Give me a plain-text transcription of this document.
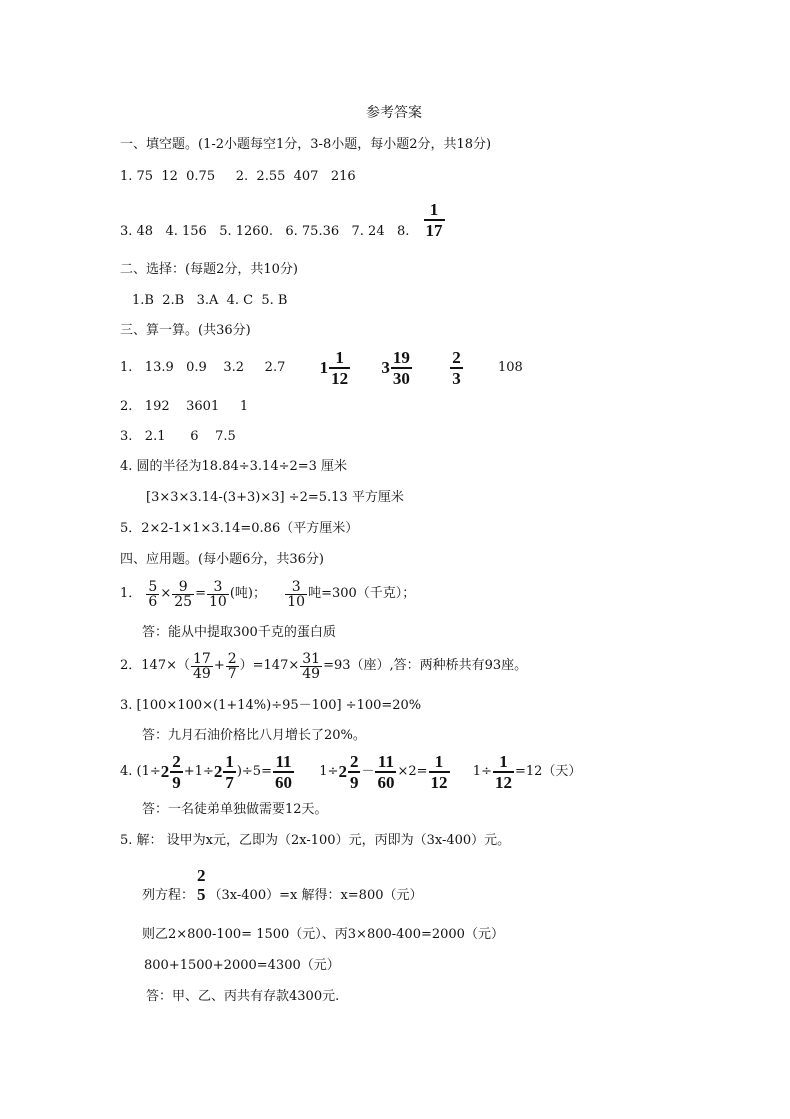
参考答案
一、填空题。(1-2小题每空1分，3-8小题，每小题2分，共18分)
1. 75  12  0.75     2.  2.55  407   216
3. 48   4. 156   5. 1260.   6. 75.36   7. 24   8. $\frac{1}{17}$
二、选择：(每题2分，共10分)
1.B  2.B   3.A  4. C  5. B
三、算一算。(共36分)
1.   13.9   0.9    3.2     2.7 $1 \frac{1}{12} 3 \frac{19}{30}$
$\frac{2}{3}$	108
2.   192    3601     1
3.   2.1      6    7.5
4. 圆的半径为18.84÷3.14÷2=3 厘米
[3×3×3.14-(3+3)×3] ÷2=5.13 平方厘米
5．2×2-1×1×3.14=0.86（平方厘米）
四、应用题。(每小题6分，共36分)
1． $\frac{5}{6} \times \frac{9}{25} = \frac{3}{10}$ (吨)； $\frac{3}{10}$ 吨=300（千克）；
答：能从中提取300千克的蛋白质
2．$147\times( \frac{17}{49} + \frac{2}{7} )=147\times \frac{31}{49} =93$（座）,答：两种桥共有93座。
3. [100×100×(1+14%)÷95－100] ÷100=20%
答：九月石油价格比八月增长了20%。
4. $(1\div 2 \frac{2}{9} +1\div 2 \frac{1}{7} )\div 5= \frac{11}{60} 1\div 2 \frac{2}{9} - \frac{11}{60} \times 2= \frac{1}{12} 1\div \frac{1}{12} =12$（天）
答：一名徒弟单独做需要12天。
5. 解： 设甲为x元，乙即为（2x-100）元，丙即为（3x-400）元。
列方程：
2
5 （3x-400）=x 解得：x=800（元）
则乙2×800-100= 1500（元）、丙3×800-400=2000（元）
800+1500+2000=4300（元）
答：甲、乙、丙共有存款4300元.
